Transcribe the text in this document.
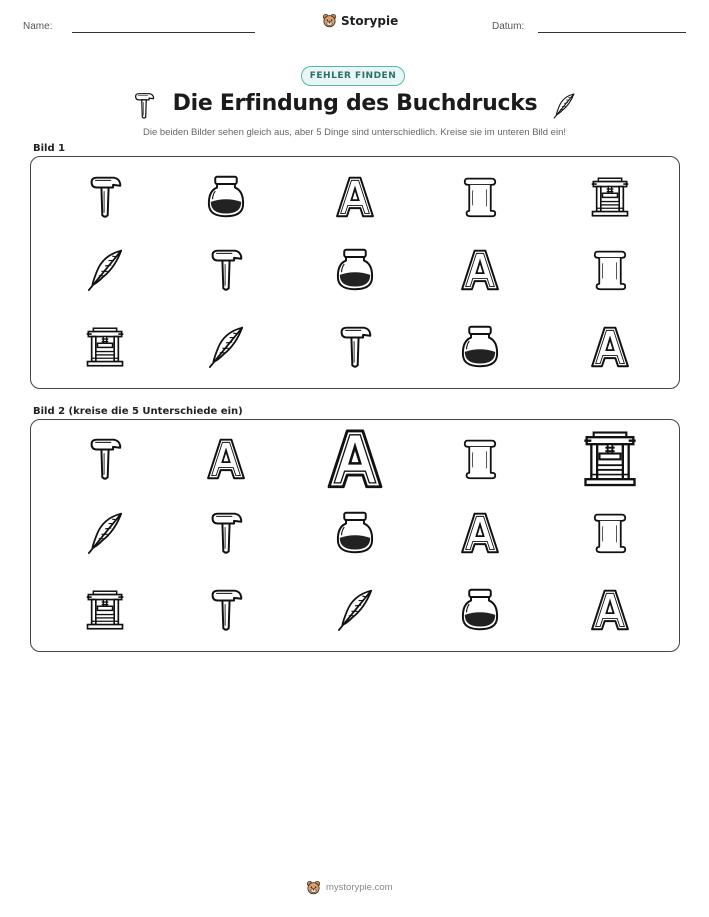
Name:	Storypie	Datum:
FEHLER FINDEN
Die Erfindung des Buchdrucks
Die beiden Bilder sehen gleich aus, aber 5 Dinge sind unterschiedlich. Kreise sie im unteren Bild ein!
Bild 1
Bild 2 (kreise die 5 Unterschiede ein)
mystorypie.com
